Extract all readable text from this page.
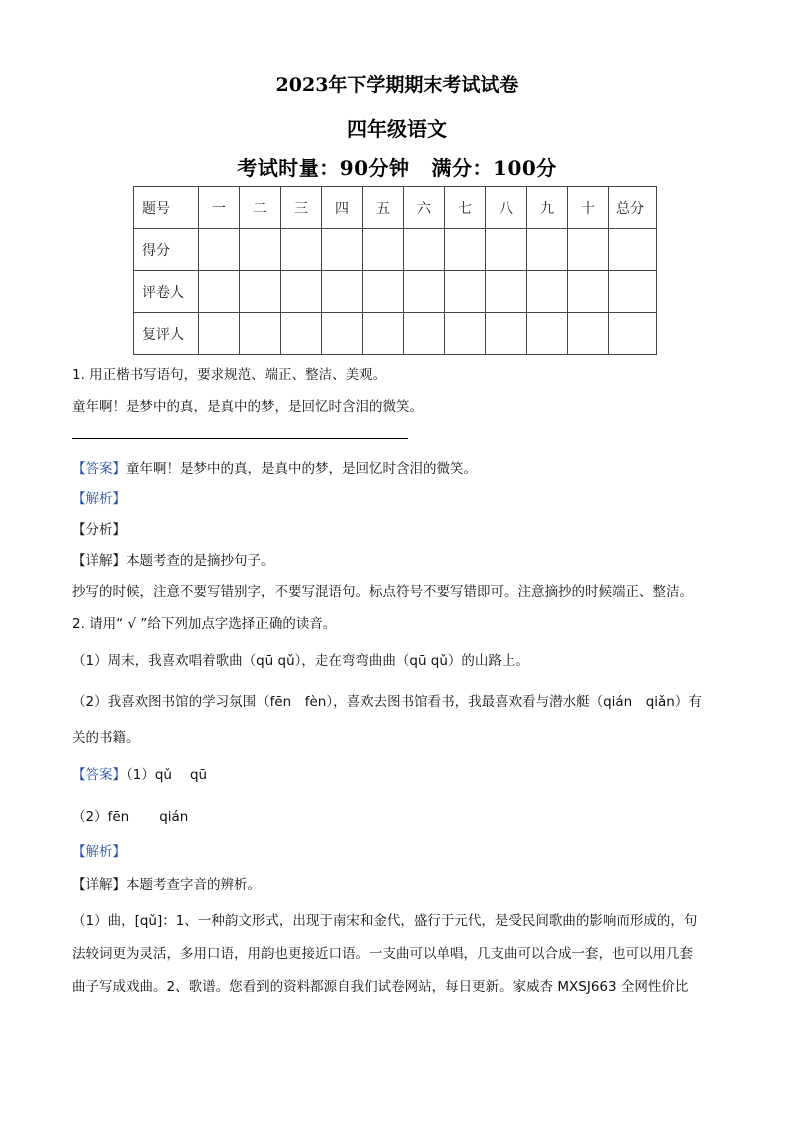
2023年下学期期末考试试卷
四年级语文
考试时量：90分钟 满分：100分
题号	一	二	三	四	五	六	七	八	九	十	总分
得分											
评卷人											
复评人											
1. 用正楷书写语句，要求规范、端正、整洁、美观。
童年啊！是梦中的真，是真中的梦，是回忆时含泪的微笑。
【答案】童年啊！是梦中的真，是真中的梦，是回忆时含泪的微笑。
【解析】
【分析】
【详解】本题考查的是摘抄句子。
抄写的时候，注意不要写错别字，不要写混语句。标点符号不要写错即可。注意摘抄的时候端正、整洁。
2. 请用“ √ ”给下列加点字选择正确的读音。
（1）周末，我喜欢唱着歌曲（qū qǔ），走在弯弯曲曲（qū qǔ）的山路上。
（2）我喜欢图书馆的学习氛围（fēn　fèn），喜欢去图书馆看书，我最喜欢看与潜水艇（qián　qiǎn）有
关的书籍。
【答案】（1）qǔ qū
（2）fēn qián
【解析】
【详解】本题考查字音的辨析。
（1）曲，[qǔ]：1、一种韵文形式，出现于南宋和金代，盛行于元代，是受民间歌曲的影响而形成的，句
法较词更为灵活，多用口语，用韵也更接近口语。一支曲可以单唱，几支曲可以合成一套，也可以用几套
曲子写成戏曲。2、歌谱。您看到的资料都源自我们试卷网站，每日更新。家威杏 MXSJ663 全网性价比
